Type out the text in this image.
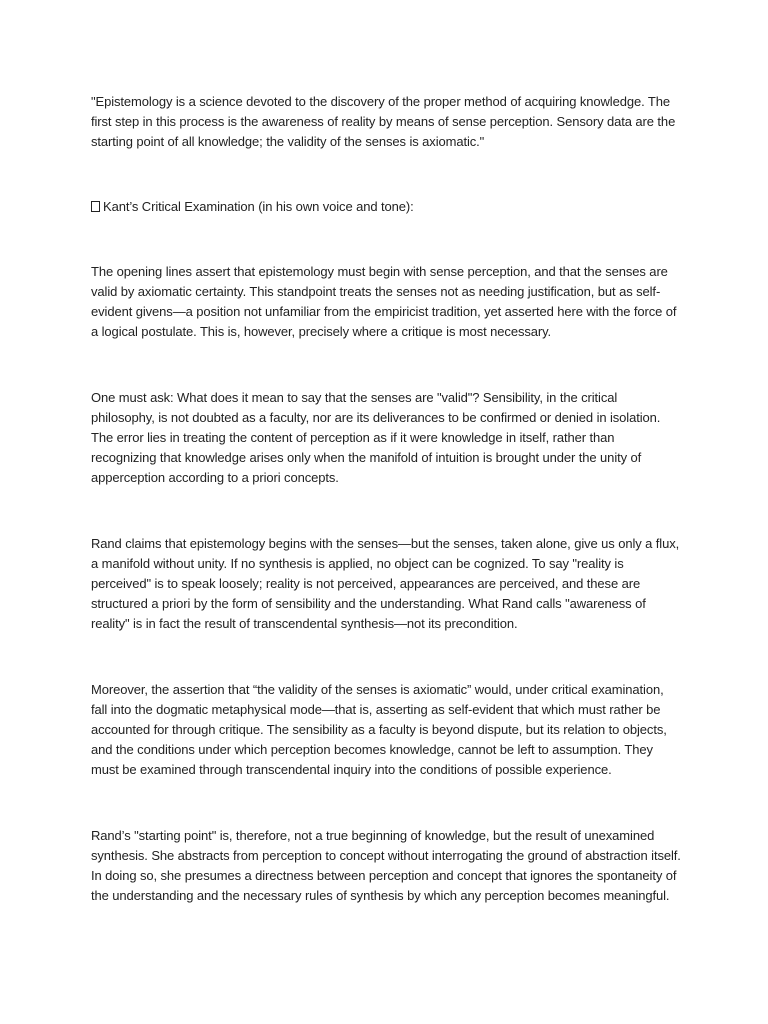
"Epistemology is a science devoted to the discovery of the proper method of acquiring knowledge. The first step in this process is the awareness of reality by means of sense perception. Sensory data are the starting point of all knowledge; the validity of the senses is axiomatic."

Kant’s Critical Examination (in his own voice and tone):

The opening lines assert that epistemology must begin with sense perception, and that the senses are valid by axiomatic certainty. This standpoint treats the senses not as needing justification, but as self-evident givens—a position not unfamiliar from the empiricist tradition, yet asserted here with the force of a logical postulate. This is, however, precisely where a critique is most necessary.

One must ask: What does it mean to say that the senses are "valid"? Sensibility, in the critical philosophy, is not doubted as a faculty, nor are its deliverances to be confirmed or denied in isolation. The error lies in treating the content of perception as if it were knowledge in itself, rather than recognizing that knowledge arises only when the manifold of intuition is brought under the unity of apperception according to a priori concepts.

Rand claims that epistemology begins with the senses—but the senses, taken alone, give us only a flux, a manifold without unity. If no synthesis is applied, no object can be cognized. To say "reality is perceived" is to speak loosely; reality is not perceived, appearances are perceived, and these are structured a priori by the form of sensibility and the understanding. What Rand calls "awareness of reality" is in fact the result of transcendental synthesis—not its precondition.

Moreover, the assertion that “the validity of the senses is axiomatic” would, under critical examination, fall into the dogmatic metaphysical mode—that is, asserting as self-evident that which must rather be accounted for through critique. The sensibility as a faculty is beyond dispute, but its relation to objects, and the conditions under which perception becomes knowledge, cannot be left to assumption. They must be examined through transcendental inquiry into the conditions of possible experience.

Rand’s "starting point" is, therefore, not a true beginning of knowledge, but the result of unexamined synthesis. She abstracts from perception to concept without interrogating the ground of abstraction itself. In doing so, she presumes a directness between perception and concept that ignores the spontaneity of the understanding and the necessary rules of synthesis by which any perception becomes meaningful.
